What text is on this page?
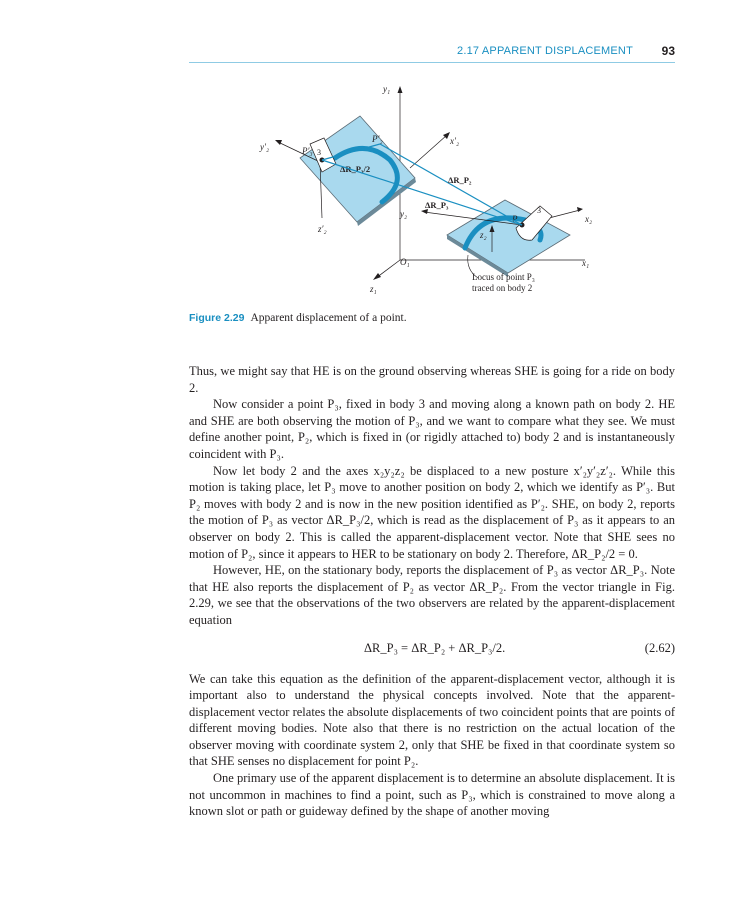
2.17 APPARENT DISPLACEMENT 93
y₁
x₁
z₁
O₁
y′₂
x′₂
z′₂
P′₃
P′₂
ΔR_P₃/2
y₂
z₂
x₂
P
3
3
ΔR_P₂
ΔR_P₃
Locus of point P₃
traced on body 2
Figure 2.29 Apparent displacement of a point.

Thus, we might say that HE is on the ground observing whereas SHE is going for a ride on body 2.

Now consider a point P₃, fixed in body 3 and moving along a known path on body 2. HE and SHE are both observing the motion of P₃, and we want to compare what they see. We must define another point, P₂, which is fixed in (or rigidly attached to) body 2 and is instantaneously coincident with P₃.

Now let body 2 and the axes x₂y₂z₂ be displaced to a new posture x′₂y′₂z′₂. While this motion is taking place, let P₃ move to another position on body 2, which we identify as P′₃. But P₂ moves with body 2 and is now in the new position identified as P′₂. SHE, on body 2, reports the motion of P₃ as vector ΔR_P₃/2, which is read as the displacement of P₃ as it appears to an observer on body 2. This is called the apparent-displacement vector. Note that SHE sees no motion of P₂, since it appears to HER to be stationary on body 2. Therefore, ΔR_P₂/2 = 0.

However, HE, on the stationary body, reports the displacement of P₃ as vector ΔR_P₃. Note that HE also reports the displacement of P₂ as vector ΔR_P₂. From the vector triangle in Fig. 2.29, we see that the observations of the two observers are related by the apparent-displacement equation

ΔR_P₃ = ΔR_P₂ + ΔR_P₃/2.	(2.62)

We can take this equation as the definition of the apparent-displacement vector, although it is important also to understand the physical concepts involved. Note that the apparent-displacement vector relates the absolute displacements of two coincident points that are points of different moving bodies. Note also that there is no restriction on the actual location of the observer moving with coordinate system 2, only that SHE be fixed in that coordinate system so that SHE senses no displacement for point P₂.

One primary use of the apparent displacement is to determine an absolute displacement. It is not uncommon in machines to find a point, such as P₃, which is constrained to move along a known slot or path or guideway defined by the shape of another moving
